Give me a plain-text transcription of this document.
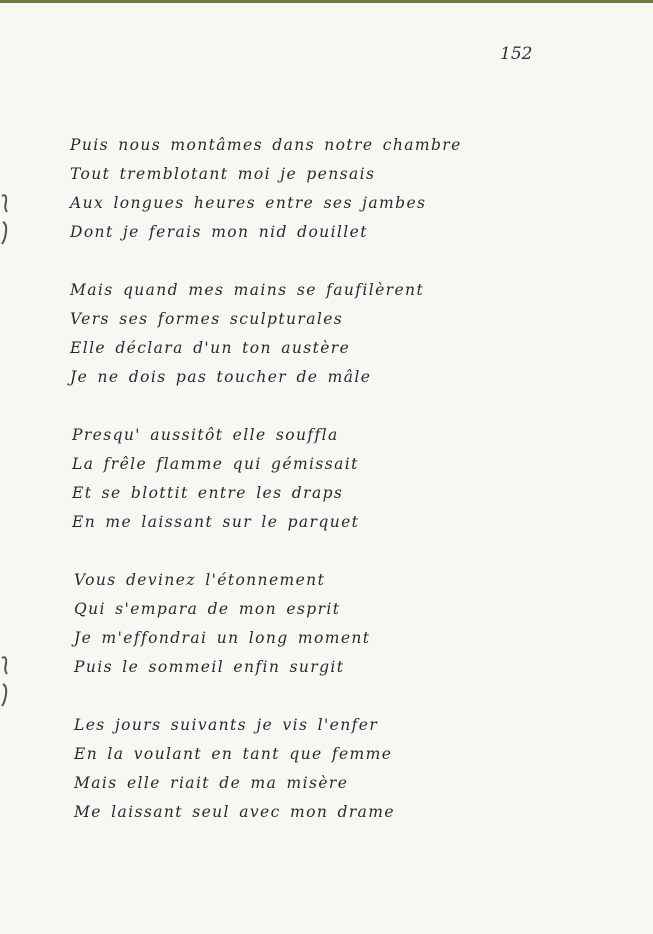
152
Puis nous montâmes dans notre chambre
Tout tremblotant moi je pensais
Aux longues heures entre ses jambes
Dont je ferais mon nid douillet
Mais quand mes mains se faufilèrent
Vers ses formes sculpturales
Elle déclara d'un ton austère
Je ne dois pas toucher de mâle
Presqu' aussitôt elle souffla
La frêle flamme qui gémissait
Et se blottit entre les draps
En me laissant sur le parquet
Vous devinez l'étonnement
Qui s'empara de mon esprit
Je m'effondrai un long moment
Puis le sommeil enfin surgit
Les jours suivants je vis l'enfer
En la voulant en tant que femme
Mais elle riait de ma misère
Me laissant seul avec mon drame
